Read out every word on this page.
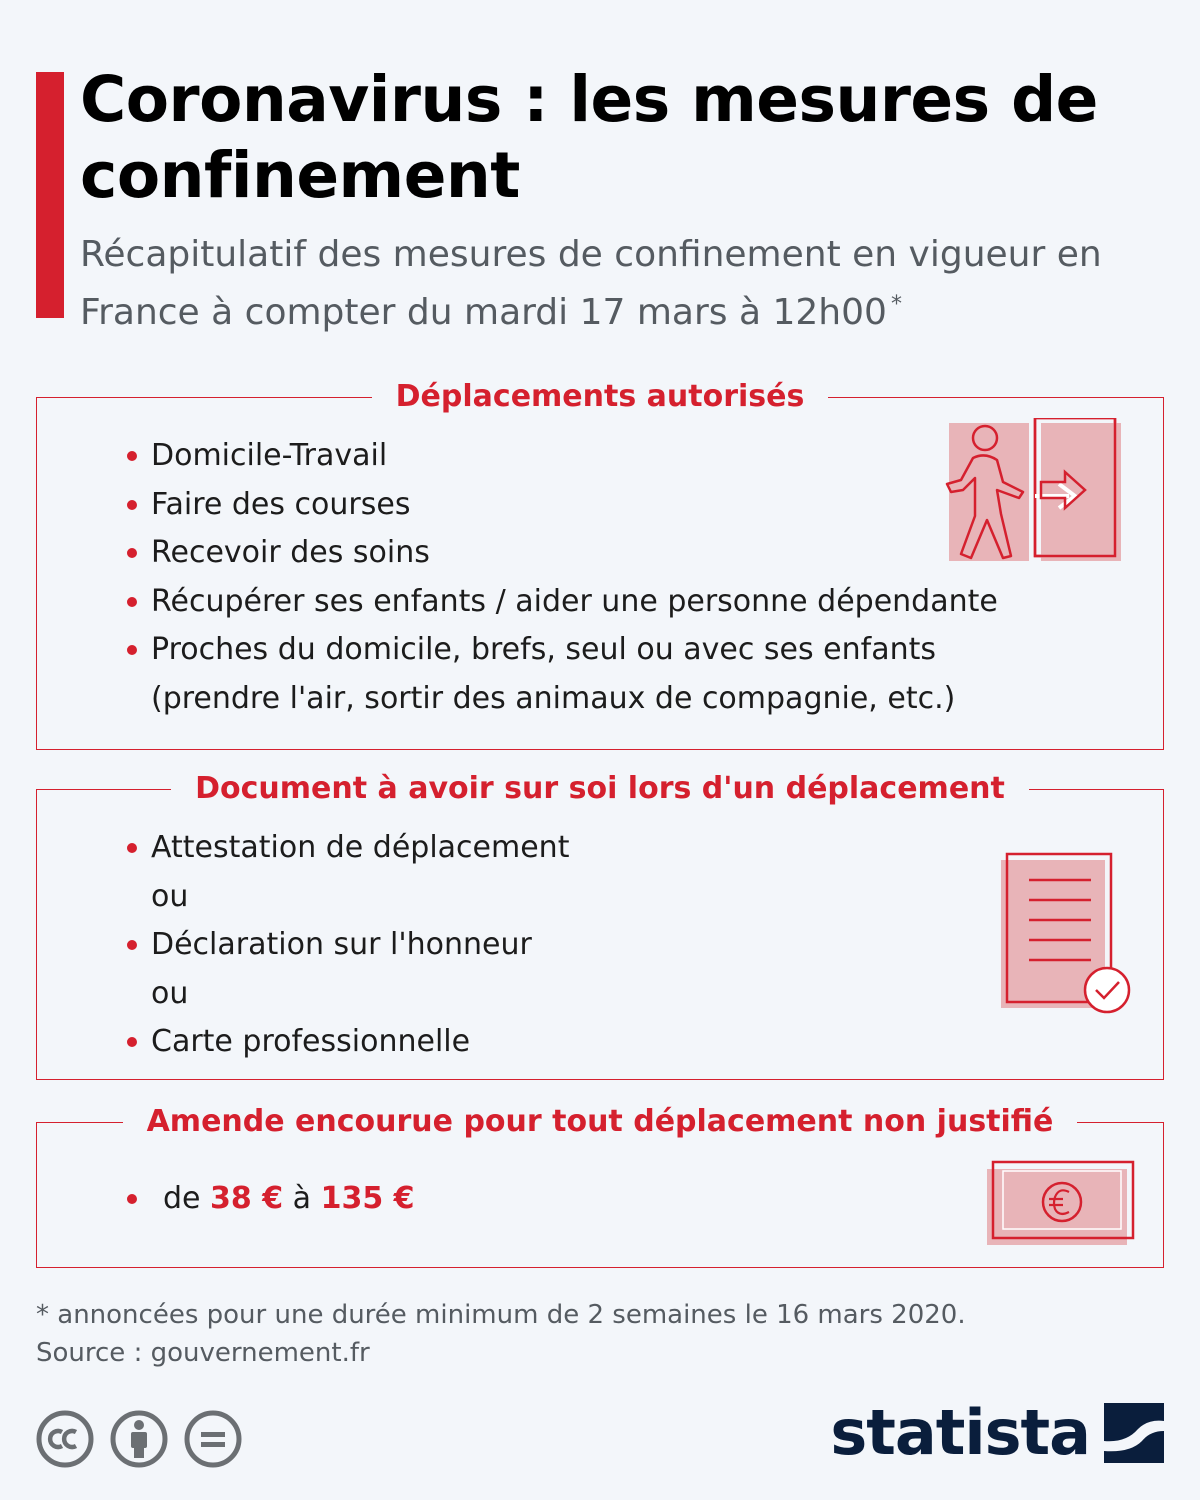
Coronavirus : les mesures de confinement

Récapitulatif des mesures de confinement en vigueur en France à compter du mardi 17 mars à 12h00 *

Déplacements autorisés
Domicile-Travail
Faire des courses
Recevoir des soins
Récupérer ses enfants / aider une personne dépendante
Proches du domicile, brefs, seul ou avec ses enfants
(prendre l'air, sortir des animaux de compagnie, etc.)
Document à avoir sur soi lors d'un déplacement
Attestation de déplacement
ou
Déclaration sur l'honneur
ou
Carte professionnelle
Amende encourue pour tout déplacement non justifié
de 38 € à 135 €

* annoncées pour une durée minimum de 2 semaines le 16 mars 2020.

Source : gouvernement.fr

statista
